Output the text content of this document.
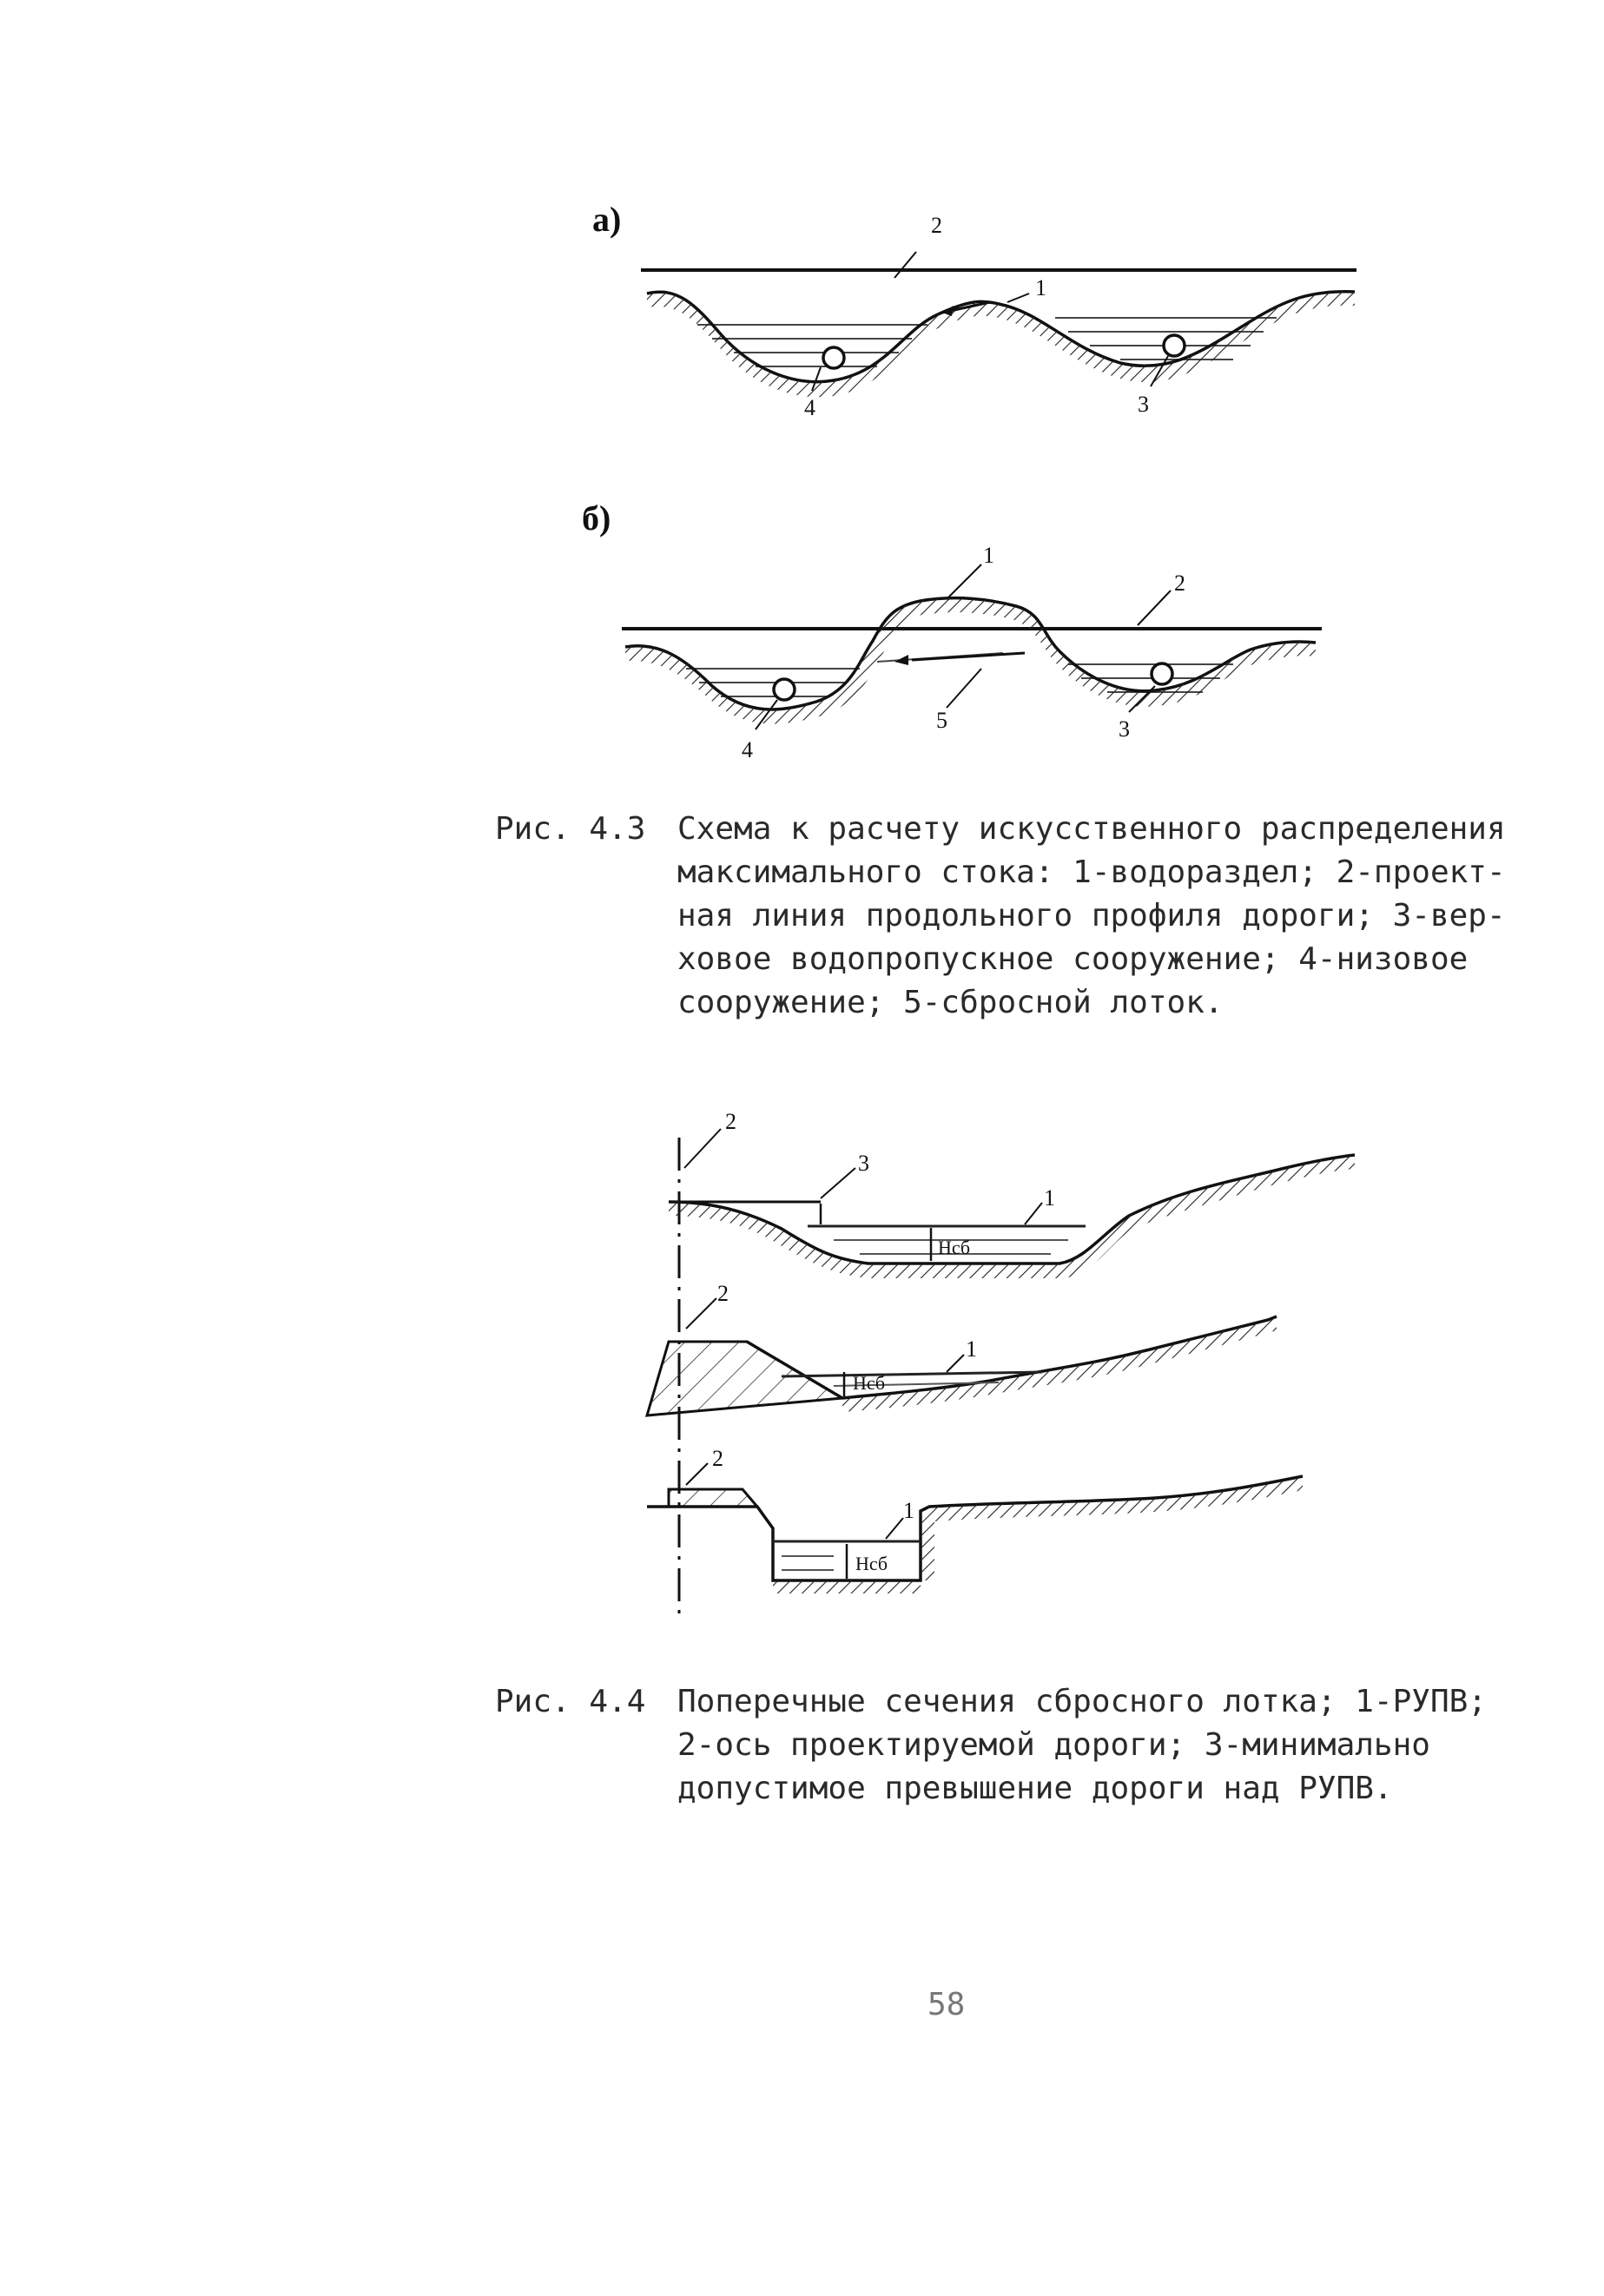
a)	2
1
4	3
б)
1
2
5
4
3
3
1
2
Нсб
1
2
Нсб
1
2
Нсб
Рис. 4.3 Схема к расчету искусственного распределения
максимального стока: 1-водораздел; 2-проект-
ная линия продольного профиля дороги; 3-вер-
ховое водопропускное сооружение; 4-низовое
сооружение; 5-сбросной лоток.
Рис. 4.4 Поперечные сечения сбросного лотка; 1-РУПВ;
2-ось проектируемой дороги; 3-минимально
допустимое превышение дороги над РУПВ.
58
